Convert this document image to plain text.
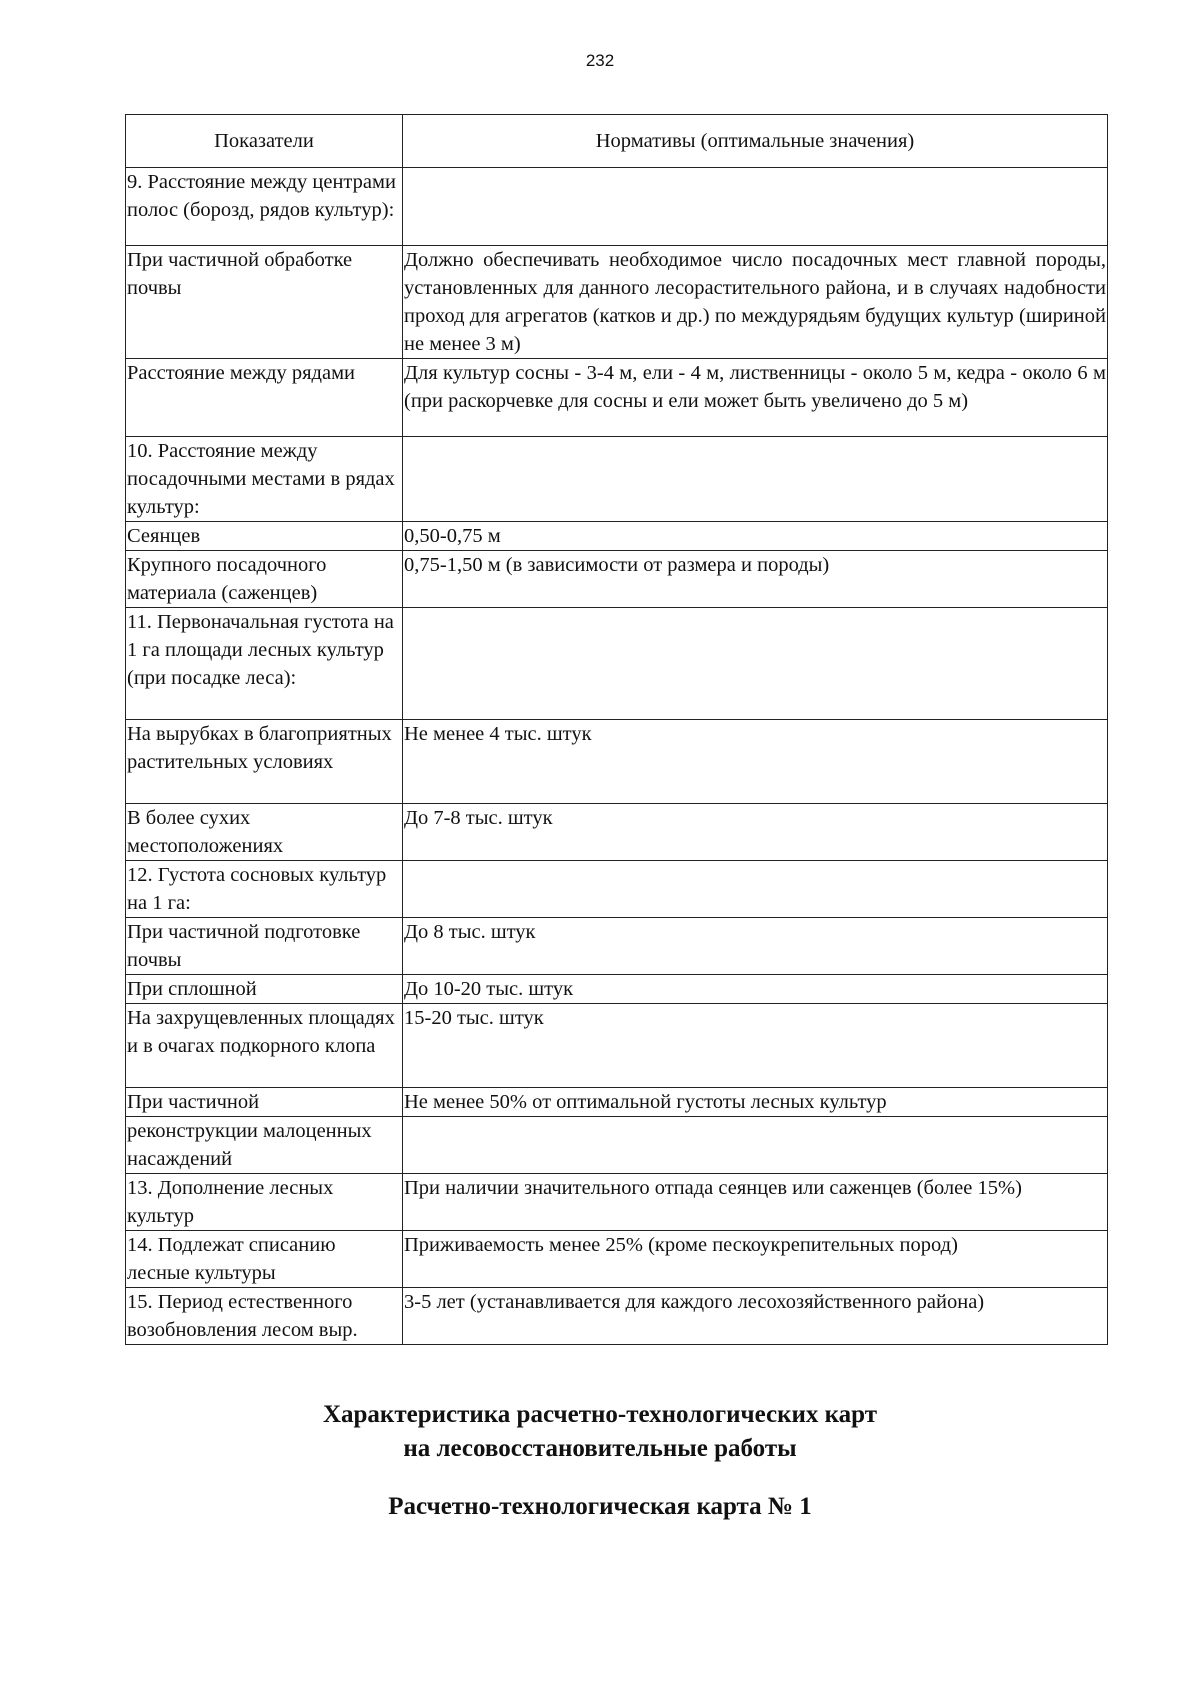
232
Показатели	Нормативы (оптимальные значения)
9. Расстояние между центрами полос (борозд, рядов культур):	
При частичной обработке почвы	Должно обеспечивать необходимое число посадочных мест главной породы, установленных для данного лесорастительного района, и в случаях надобности проход для агрегатов (катков и др.) по междурядьям будущих культур (шириной не менее 3 м)
Расстояние между рядами	Для культур сосны - 3-4 м, ели - 4 м, лиственницы - около 5 м, кедра - около 6 м (при раскорчевке для сосны и ели может быть увеличено до 5 м)
10. Расстояние между посадочными местами в рядах культур:	
Сеянцев	0,50-0,75 м
Крупного посадочного материала (саженцев)	0,75-1,50 м (в зависимости от размера и породы)
11. Первоначальная густота на 1 га площади лесных культур (при посадке леса):	
На вырубках в благоприятных растительных условиях	Не менее 4 тыс. штук
В более сухих местоположениях	До 7-8 тыс. штук
12. Густота сосновых культур на 1 га:	
При частичной подготовке почвы	До 8 тыс. штук
При сплошной	До 10-20 тыс. штук
На захрущевленных площадях и в очагах подкорного клопа	15-20 тыс. штук
При частичной	Не менее 50% от оптимальной густоты лесных культур
реконструкции малоценных насаждений	
13. Дополнение лесных культур	При наличии значительного отпада сеянцев или саженцев (более 15%)
14. Подлежат списанию лесные культуры	Приживаемость менее 25% (кроме пескоукрепительных пород)
15. Период естественного возобновления лесом выр.	3-5 лет (устанавливается для каждого лесохозяйственного района)
Характеристика расчетно-технологических карт
на лесовосстановительные работы
Расчетно-технологическая карта № 1
